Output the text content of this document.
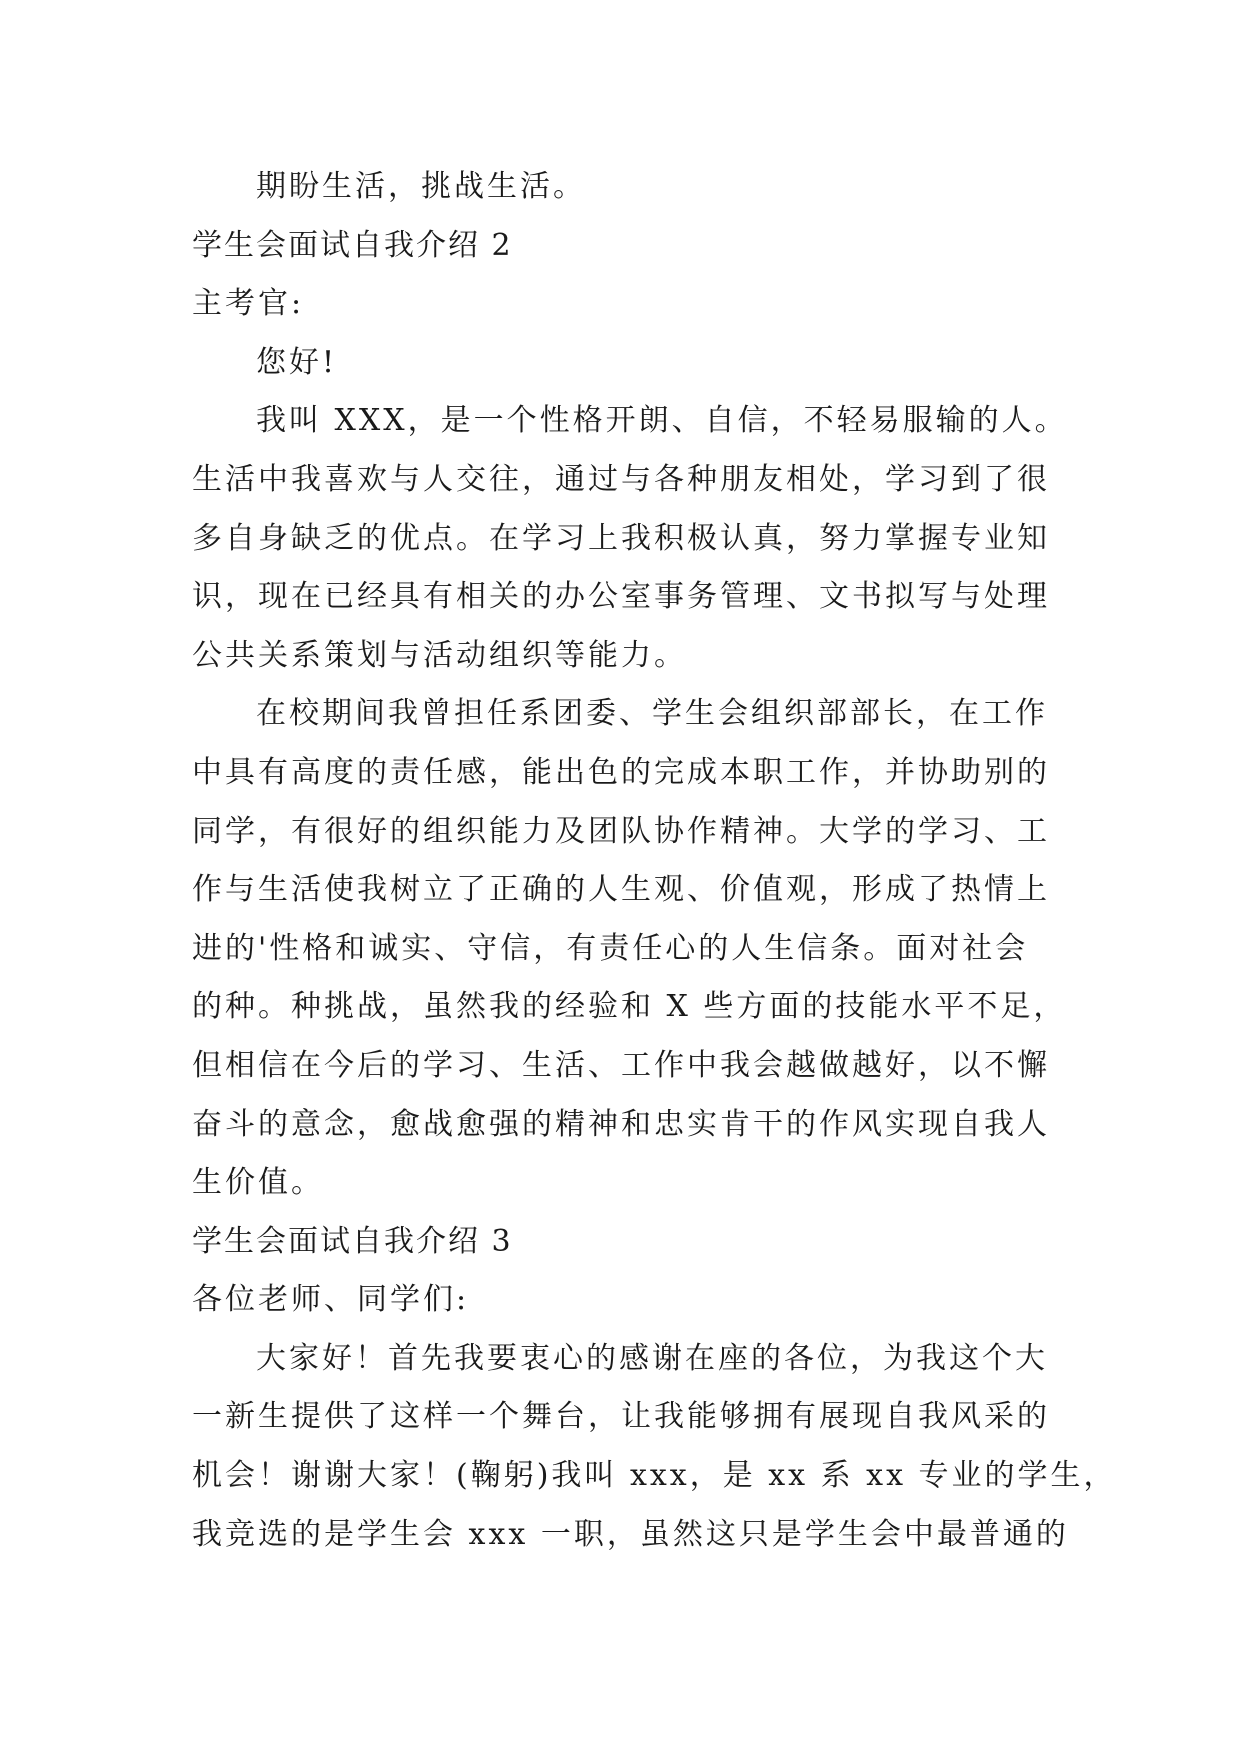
期盼生活，挑战生活。
学生会面试自我介绍 2
主考官:
您好!
我叫 XXX，是一个性格开朗、自信，不轻易服输的人。
生活中我喜欢与人交往，通过与各种朋友相处，学习到了很
多自身缺乏的优点。在学习上我积极认真，努力掌握专业知
识，现在已经具有相关的办公室事务管理、文书拟写与处理
公共关系策划与活动组织等能力。
在校期间我曾担任系团委、学生会组织部部长，在工作
中具有高度的责任感，能出色的完成本职工作，并协助别的
同学，有很好的组织能力及团队协作精神。大学的学习、工
作与生活使我树立了正确的人生观、价值观，形成了热情上
进的'性格和诚实、守信，有责任心的人生信条。面对社会
的种。种挑战，虽然我的经验和 X 些方面的技能水平不足，
但相信在今后的学习、生活、工作中我会越做越好，以不懈
奋斗的意念，愈战愈强的精神和忠实肯干的作风实现自我人
生价值。
学生会面试自我介绍 3
各位老师、同学们:
大家好！首先我要衷心的感谢在座的各位，为我这个大
一新生提供了这样一个舞台，让我能够拥有展现自我风采的
机会！谢谢大家！(鞠躬)我叫 xxx，是 xx 系 xx 专业的学生，
我竞选的是学生会 xxx 一职，虽然这只是学生会中最普通的
